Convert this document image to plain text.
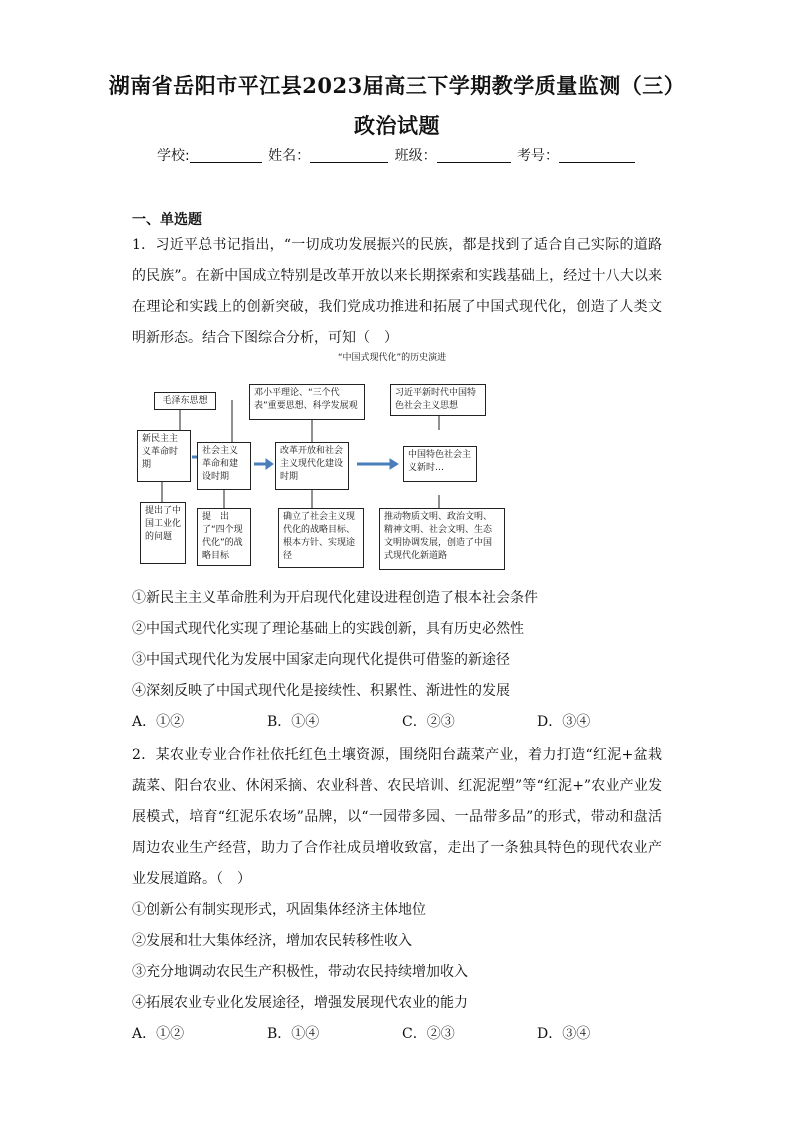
湖南省岳阳市平江县2023届高三下学期教学质量监测（三）
政治试题
学校:	姓名：	班级：	考号：
一、单选题
1．习近平总书记指出，“一切成功发展振兴的民族，都是找到了适合自己实际的道路的民族”。在新中国成立特别是改革开放以来长期探索和实践基础上，经过十八大以来在理论和实践上的创新突破，我们党成功推进和拓展了中国式现代化，创造了人类文明新形态。结合下图综合分析，可知（　）
“中国式现代化”的历史演进
毛泽东思想
邓小平理论、“三个代表”重要思想、科学发展观
习近平新时代中国特色社会主义思想
新民主主义革命时期
社会主义革命和建设时期
改革开放和社会主义现代化建设时期
中国特色社会主义新时…
提出了中国工业化的问题
提　出　了“四个现代化”的战略目标
确立了社会主义现代化的战略目标、根本方针、实现途径
推动物质文明、政治文明、精神文明、社会文明、生态文明协调发展，创造了中国式现代化新道路
①新民主主义革命胜利为开启现代化建设进程创造了根本社会条件
②中国式现代化实现了理论基础上的实践创新，具有历史必然性
③中国式现代化为发展中国家走向现代化提供可借鉴的新途径
④深刻反映了中国式现代化是接续性、积累性、渐进性的发展
A．①②	B．①④	C．②③	D．③④
2．某农业专业合作社依托红色土壤资源，围绕阳台蔬菜产业，着力打造“红泥+盆栽蔬菜、阳台农业、休闲采摘、农业科普、农民培训、红泥泥塑”等“红泥+”农业产业发展模式，培育“红泥乐农场”品牌，以“一园带多园、一品带多品”的形式，带动和盘活周边农业生产经营，助力了合作社成员增收致富，走出了一条独具特色的现代农业产业发展道路。（　）
①创新公有制实现形式，巩固集体经济主体地位
②发展和壮大集体经济，增加农民转移性收入
③充分地调动农民生产积极性，带动农民持续增加收入
④拓展农业专业化发展途径，增强发展现代农业的能力
A．①②	B．①④	C．②③	D．③④
